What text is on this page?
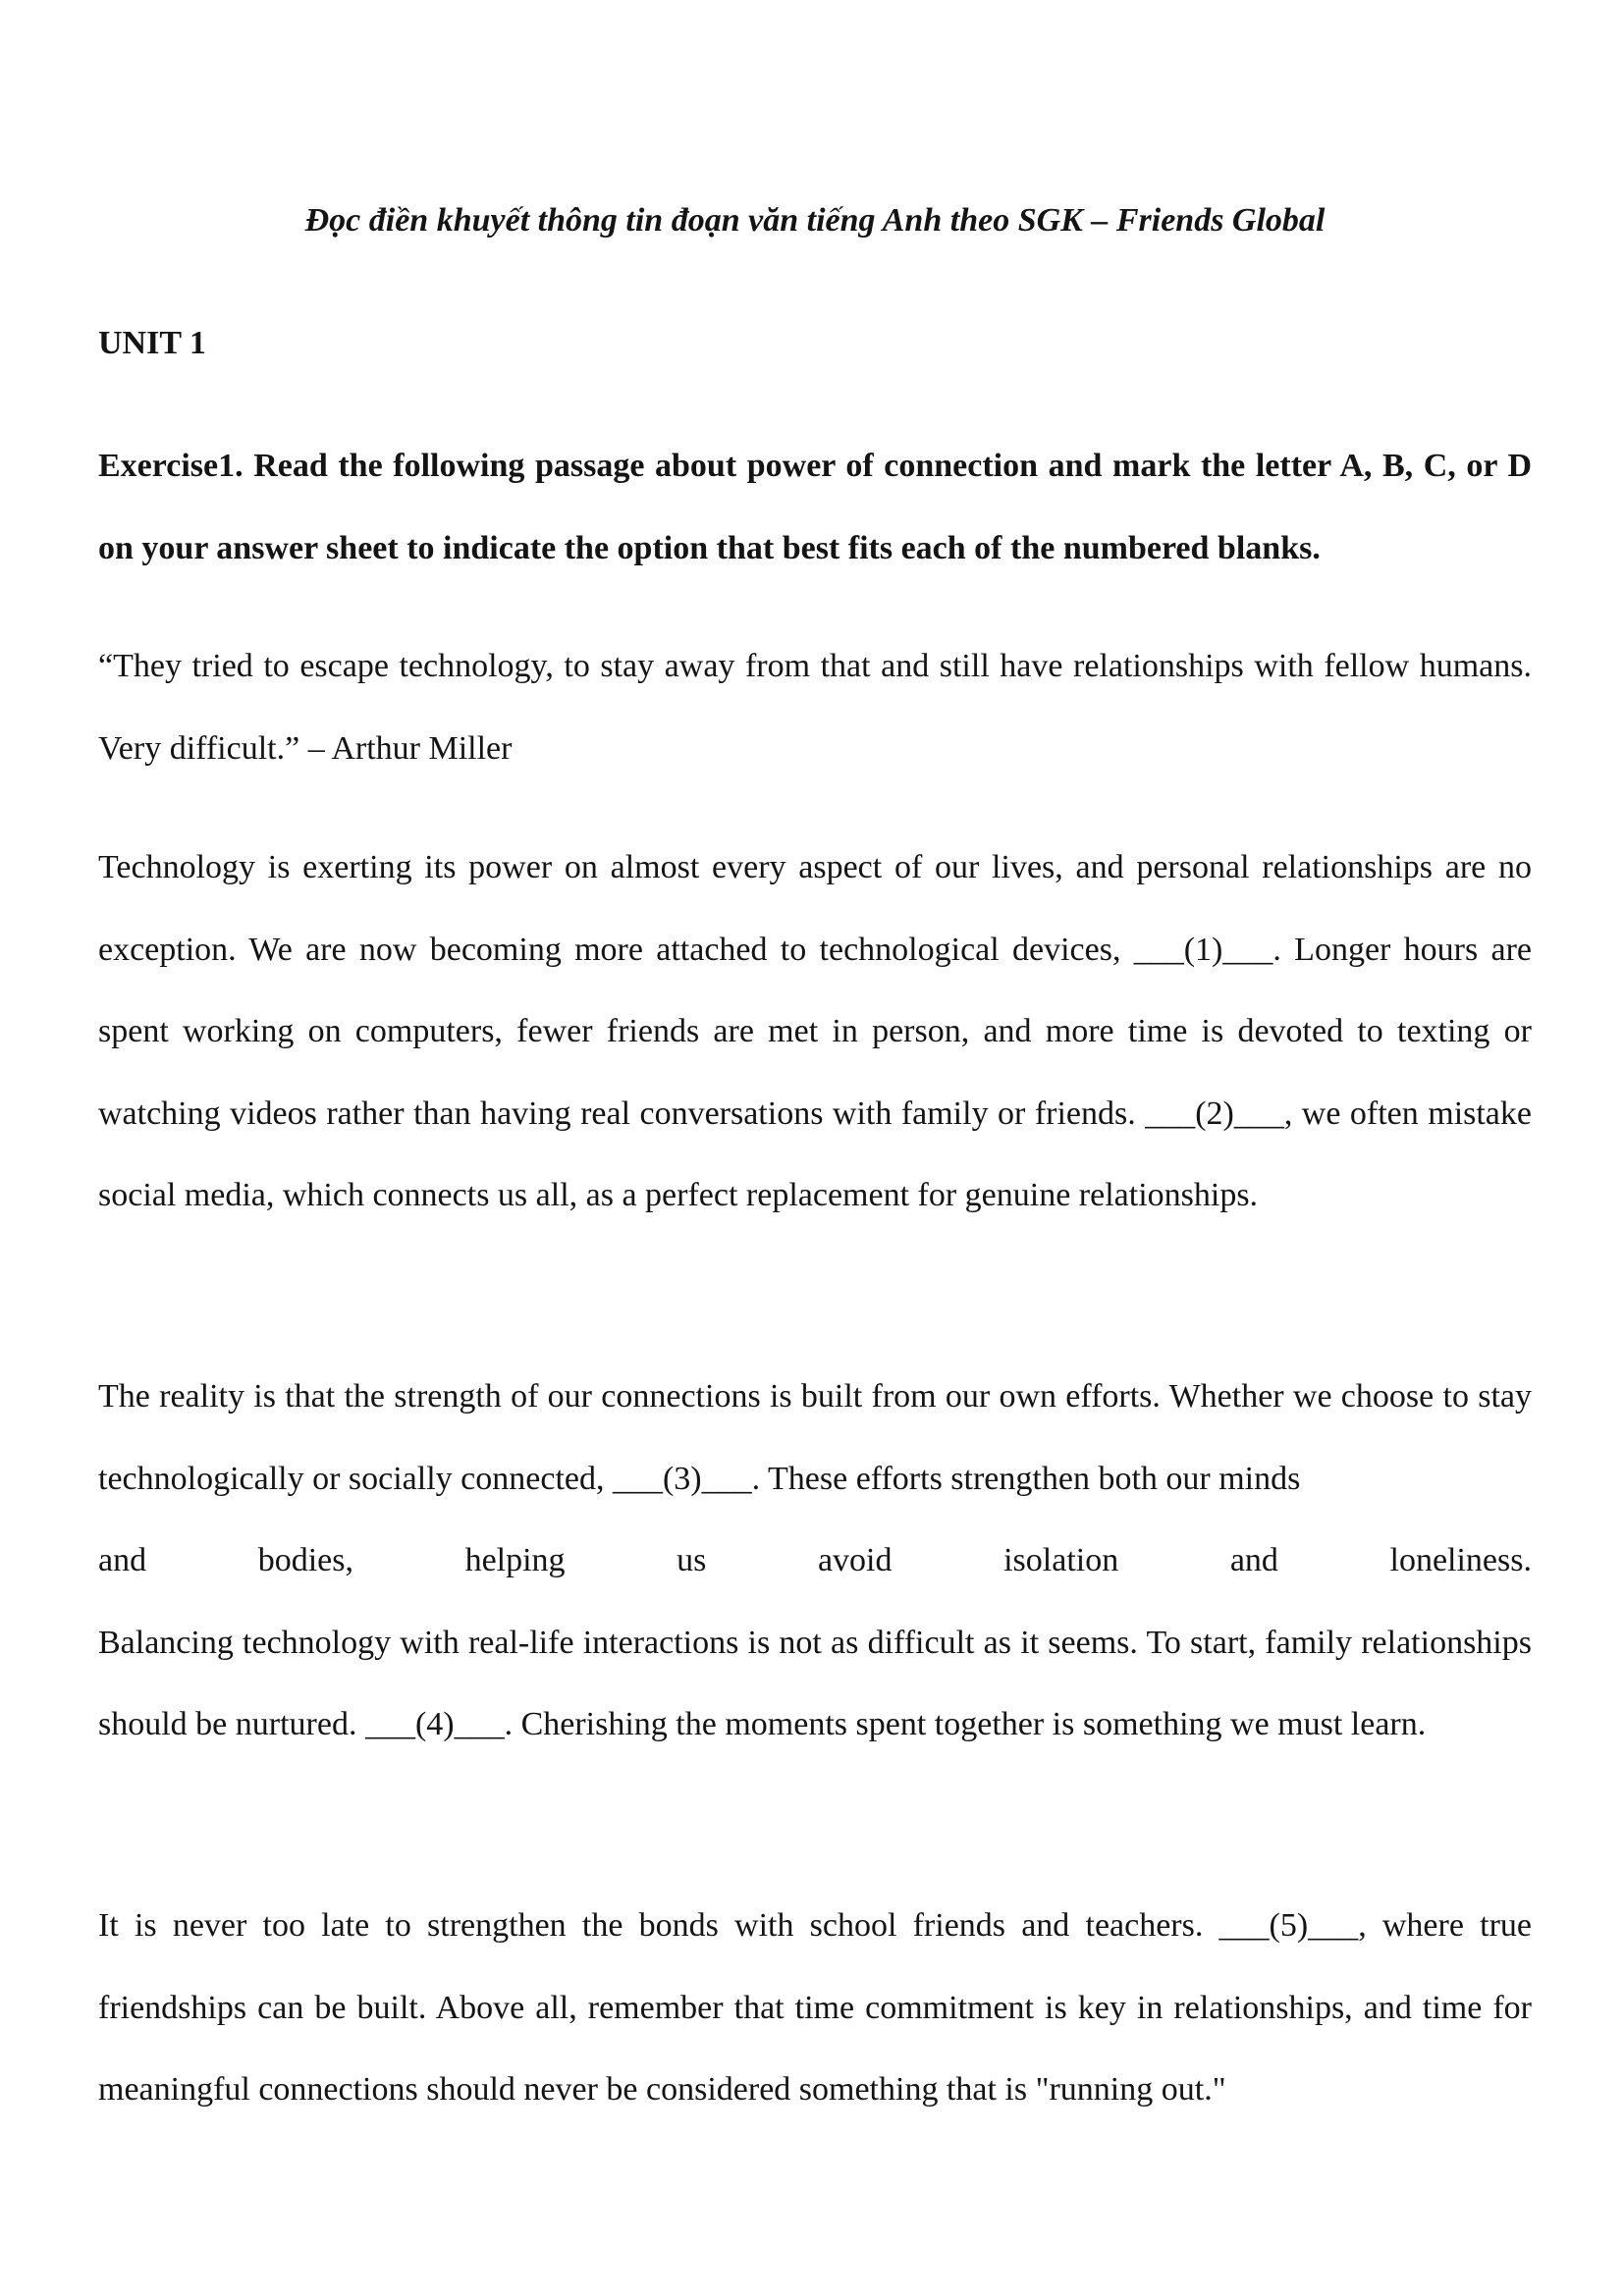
Đọc điền khuyết thông tin đoạn văn tiếng Anh theo SGK – Friends Global
UNIT 1

Exercise1. Read the following passage about power of connection and mark the letter A, B, C, or D on your answer sheet to indicate the option that best fits each of the numbered blanks.

“They tried to escape technology, to stay away from that and still have relationships with fellow humans. Very difficult.” – Arthur Miller

Technology is exerting its power on almost every aspect of our lives, and personal relationships are no exception. We are now becoming more attached to technological devices, ___(1)___. Longer hours are spent working on computers, fewer friends are met in person, and more time is devoted to texting or watching videos rather than having real conversations with family or friends. ___(2)___, we often mistake social media, which connects us all, as a perfect replacement for genuine relationships.

The reality is that the strength of our connections is built from our own efforts. Whether we choose to stay technologically or socially connected, ___(3)___. These efforts strengthen both our minds
and	bodies,	helping	us	avoid	isolation	and	loneliness.
Balancing technology with real-life interactions is not as difficult as it seems. To start, family relationships should be nurtured. ___(4)___. Cherishing the moments spent together is something we must learn.

It is never too late to strengthen the bonds with school friends and teachers. ___(5)___, where true friendships can be built. Above all, remember that time commitment is key in relationships, and time for meaningful connections should never be considered something that is "running out."
